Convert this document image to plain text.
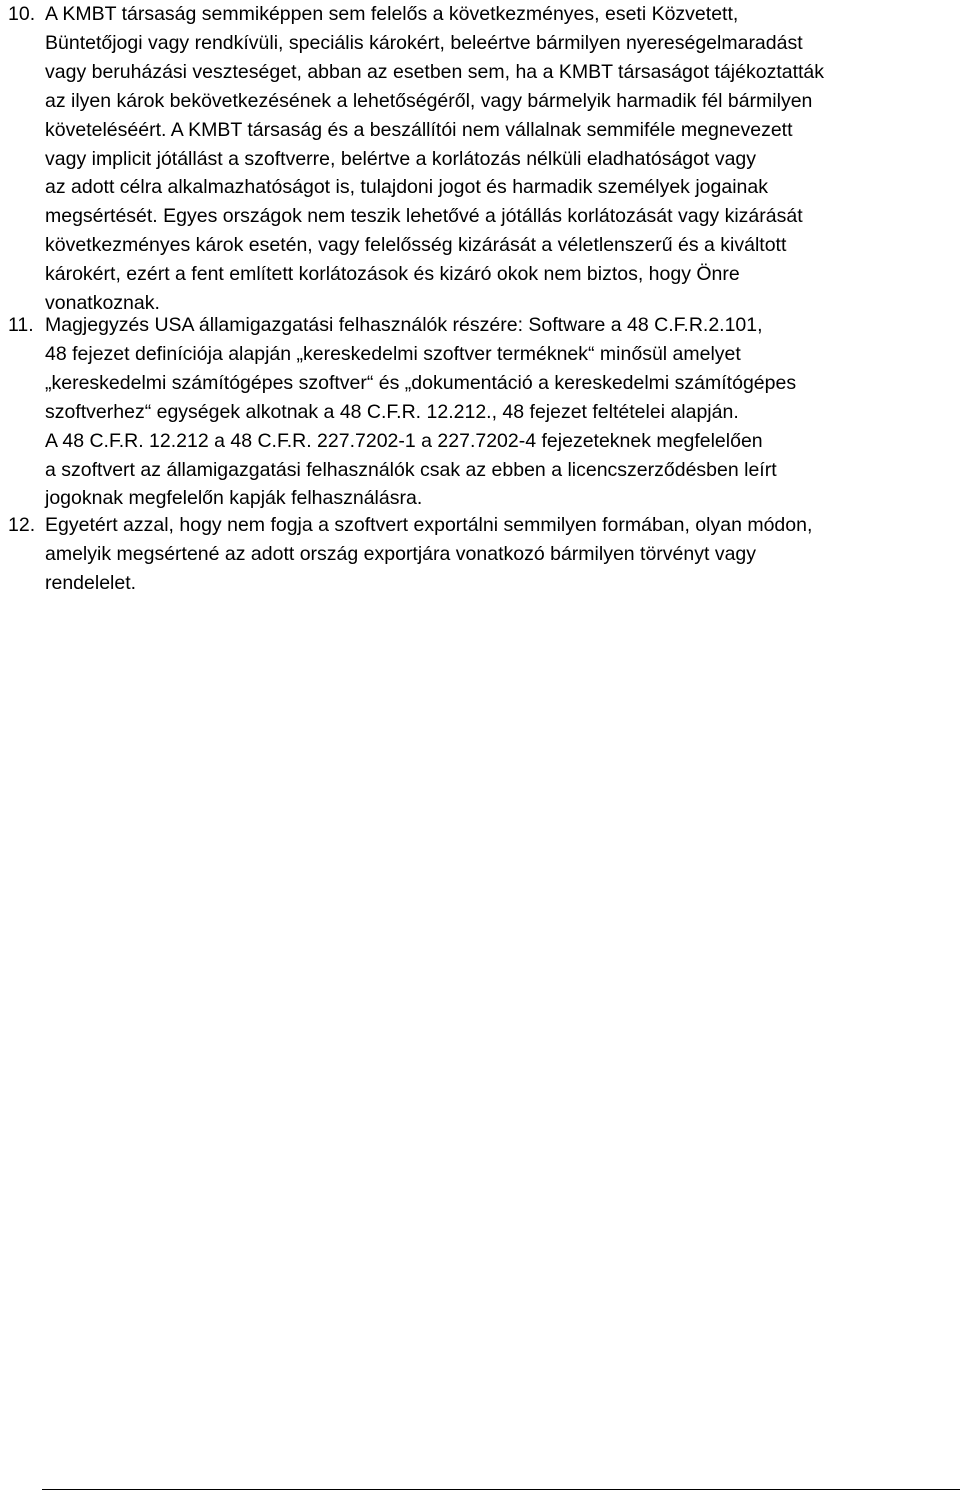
10. A KMBT társaság semmiképpen sem felelős a következményes, eseti Közvetett,
Büntetőjogi vagy rendkívüli, speciális károkért, beleértve bármilyen nyereségelmaradást
vagy beruházási veszteséget, abban az esetben sem, ha a KMBT társaságot tájékoztatták
az ilyen károk bekövetkezésének a lehetőségéről, vagy bármelyik harmadik fél bármilyen
követeléséért. A KMBT társaság és a beszállítói nem vállalnak semmiféle megnevezett
vagy implicit jótállást a szoftverre, belértve a korlátozás nélküli eladhatóságot vagy
az adott célra alkalmazhatóságot is, tulajdoni jogot és harmadik személyek jogainak
megsértését. Egyes országok nem teszik lehetővé a jótállás korlátozását vagy kizárását
következményes károk esetén, vagy felelősség kizárását a véletlenszerű és a kiváltott
károkért, ezért a fent említett korlátozások és kizáró okok nem biztos, hogy Önre
vonatkoznak.
11. Magjegyzés USA államigazgatási felhasználók részére: Software a 48 C.F.R.2.101,
48 fejezet definíciója alapján „kereskedelmi szoftver terméknek“ minősül amelyet
„kereskedelmi számítógépes szoftver“ és „dokumentáció a kereskedelmi számítógépes
szoftverhez“ egységek alkotnak a 48 C.F.R. 12.212., 48 fejezet feltételei alapján.
A 48 C.F.R. 12.212 a 48 C.F.R. 227.7202-1 a 227.7202-4 fejezeteknek megfelelően
a szoftvert az államigazgatási felhasználók csak az ebben a licencszerződésben leírt
jogoknak megfelelőn kapják felhasználásra.
12. Egyetért azzal, hogy nem fogja a szoftvert exportálni semmilyen formában, olyan módon,
amelyik megsértené az adott ország exportjára vonatkozó bármilyen törvényt vagy
rendelelet.
